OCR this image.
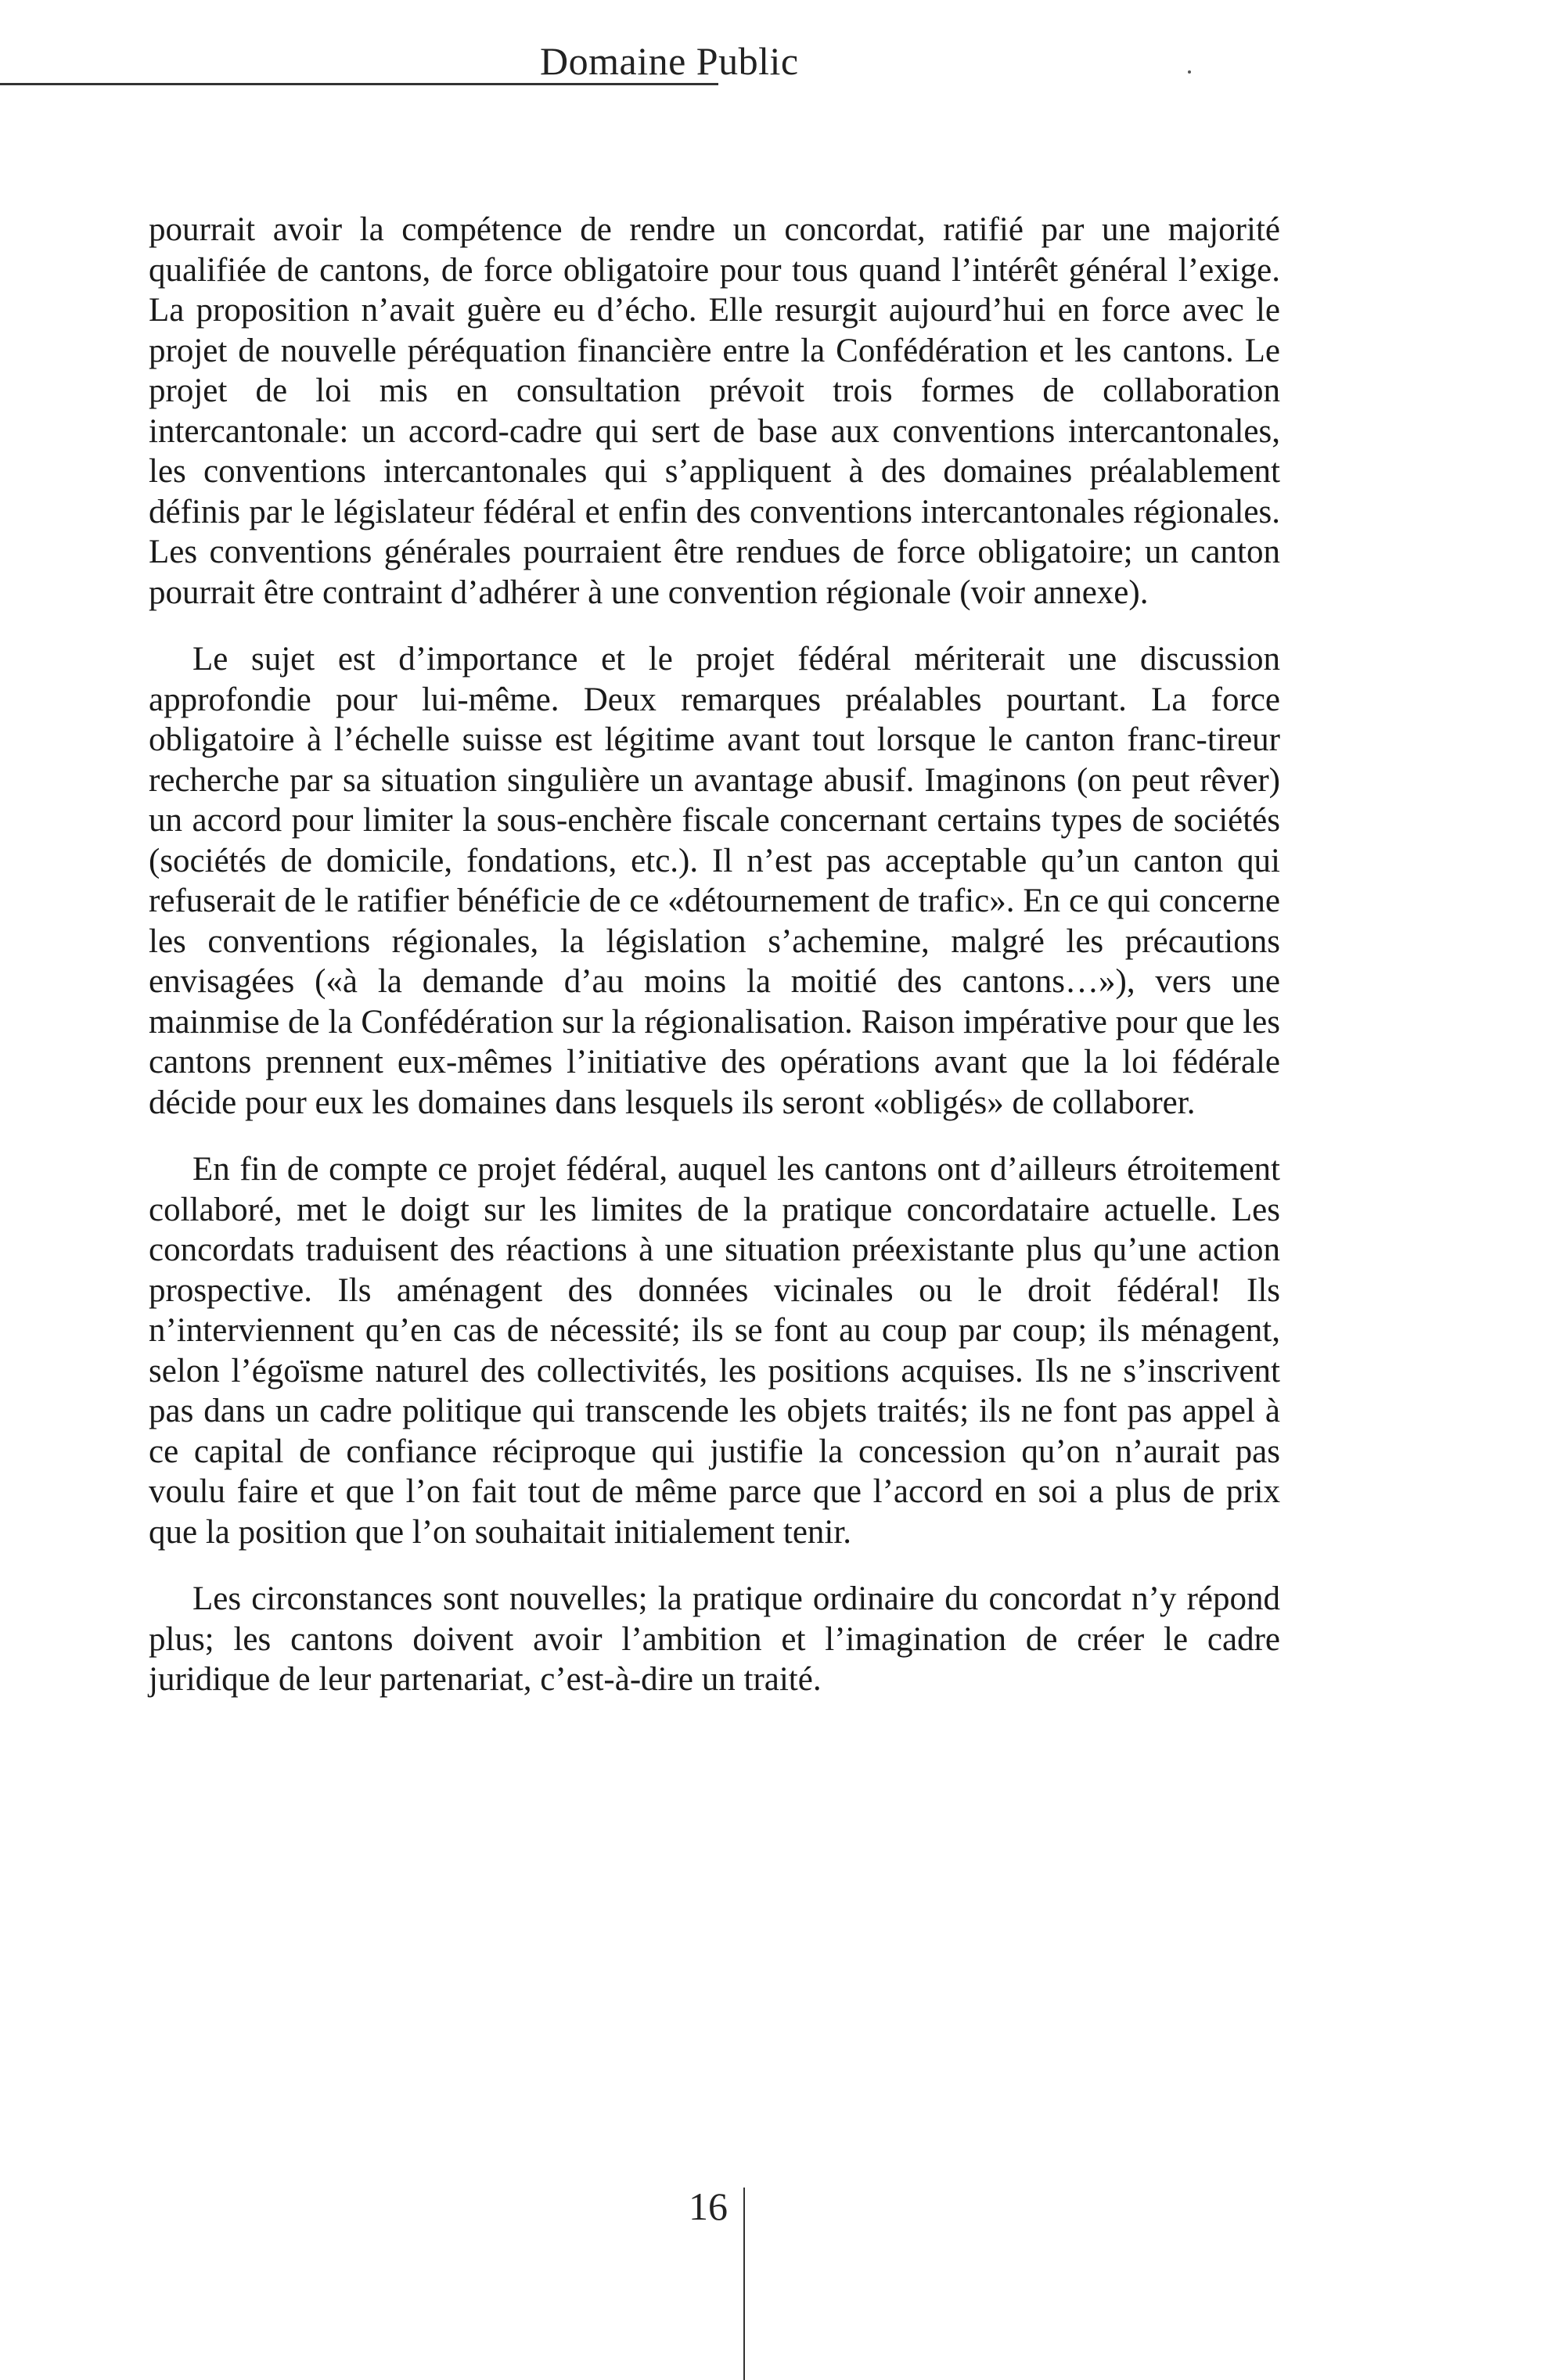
Domaine Public

pourrait avoir la compétence de rendre un concordat, ratifié par une majorité qualifiée de cantons, de force obligatoire pour tous quand l’intérêt général l’exige. La proposition n’avait guère eu d’écho. Elle resurgit aujourd’hui en force avec le projet de nouvelle péréquation financière entre la Confédération et les cantons. Le projet de loi mis en consultation prévoit trois formes de collaboration intercantonale: un accord-cadre qui sert de base aux conventions intercantonales, les conventions intercantonales qui s’appliquent à des domaines préalablement définis par le législateur fédéral et enfin des conventions intercantonales régionales. Les conventions générales pourraient être rendues de force obligatoire; un canton pourrait être contraint d’adhérer à une convention régionale (voir annexe).

Le sujet est d’importance et le projet fédéral mériterait une discussion approfondie pour lui-même. Deux remarques préalables pourtant. La force obligatoire à l’échelle suisse est légitime avant tout lorsque le canton franc-tireur recherche par sa situation singulière un avantage abusif. Imaginons (on peut rêver) un accord pour limiter la sous-enchère fiscale concernant certains types de sociétés (sociétés de domicile, fondations, etc.). Il n’est pas acceptable qu’un canton qui refuserait de le ratifier bénéficie de ce «détournement de trafic». En ce qui concerne les conventions régionales, la législation s’achemine, malgré les précautions envisagées («à la demande d’au moins la moitié des cantons…»), vers une mainmise de la Confédération sur la régionalisation. Raison impérative pour que les cantons prennent eux-mêmes l’initiative des opérations avant que la loi fédérale décide pour eux les domaines dans lesquels ils seront «obligés» de collaborer.

En fin de compte ce projet fédéral, auquel les cantons ont d’ailleurs étroitement collaboré, met le doigt sur les limites de la pratique concordataire actuelle. Les concordats traduisent des réactions à une situation préexistante plus qu’une action prospective. Ils aménagent des données vicinales ou le droit fédéral! Ils n’interviennent qu’en cas de nécessité; ils se font au coup par coup; ils ménagent, selon l’égoïsme naturel des collectivités, les positions acquises. Ils ne s’inscrivent pas dans un cadre politique qui transcende les objets traités; ils ne font pas appel à ce capital de confiance réciproque qui justifie la concession qu’on n’aurait pas voulu faire et que l’on fait tout de même parce que l’accord en soi a plus de prix que la position que l’on souhaitait initialement tenir.

Les circonstances sont nouvelles; la pratique ordinaire du concordat n’y répond plus; les cantons doivent avoir l’ambition et l’imagination de créer le cadre juridique de leur partenariat, c’est-à-dire un traité.

16
